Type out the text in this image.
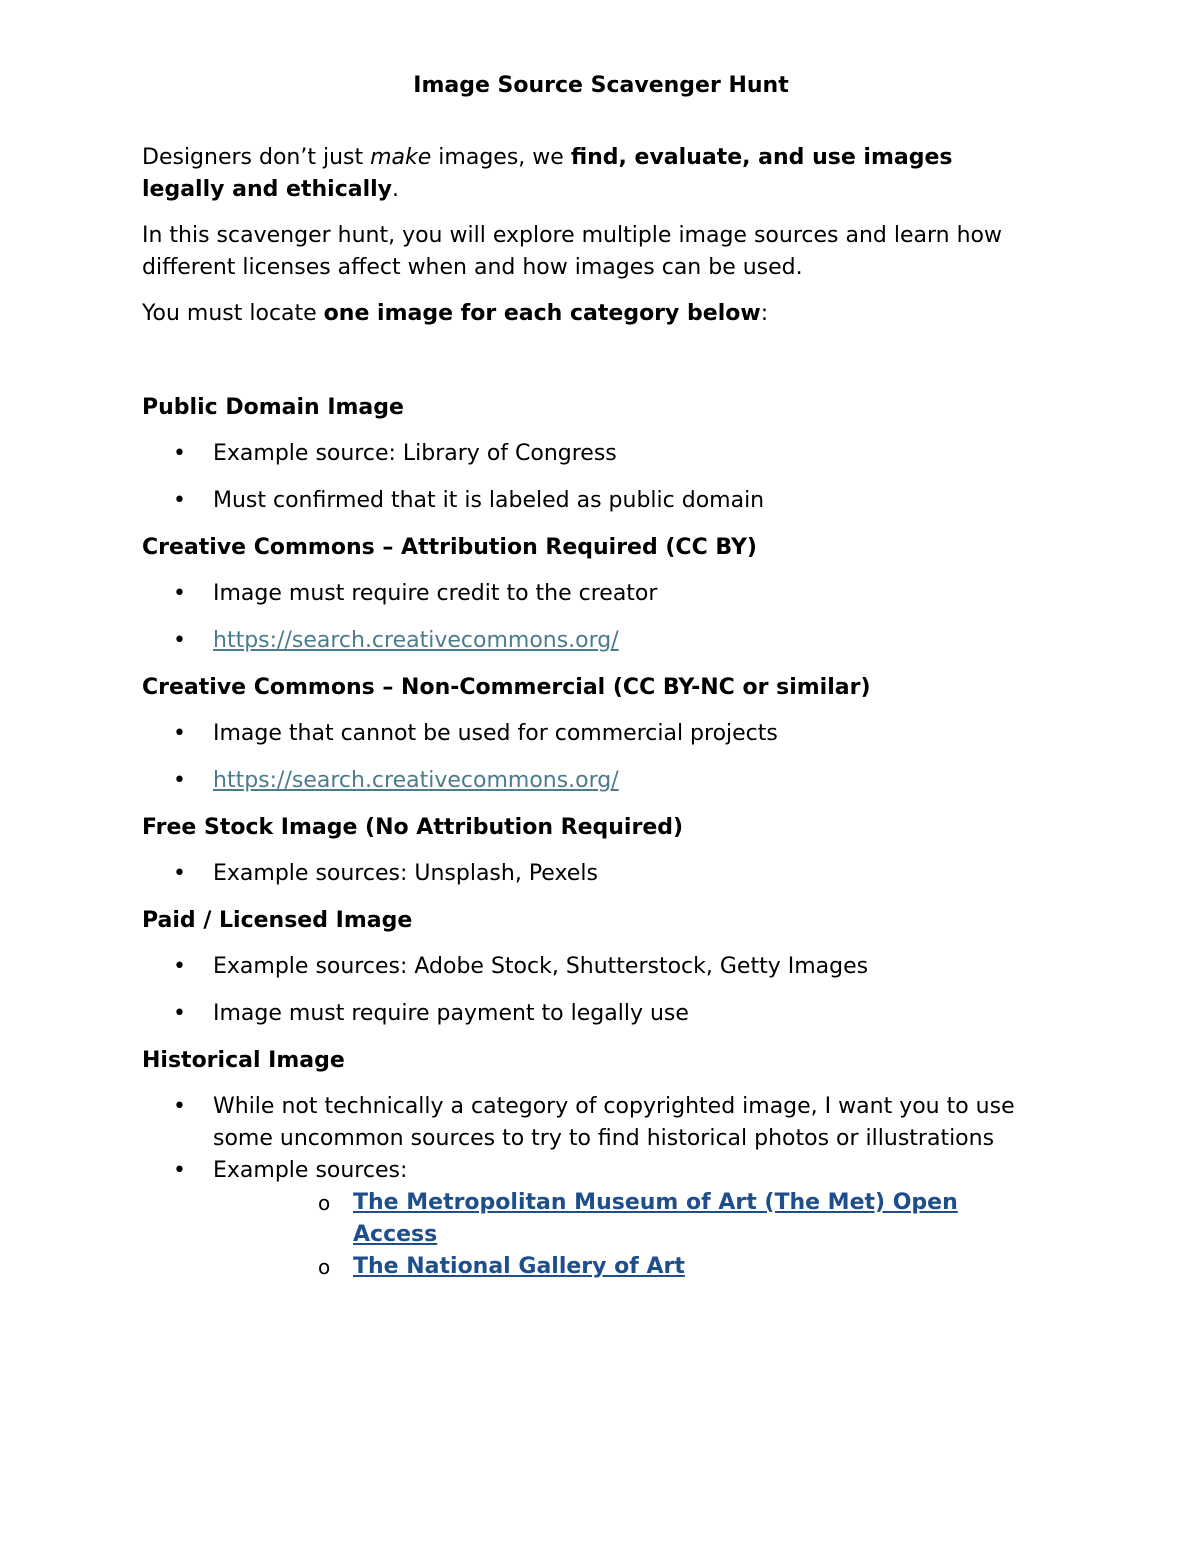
Image Source Scavenger Hunt

Designers don’t just make images, we find, evaluate, and use images legally and ethically.

In this scavenger hunt, you will explore multiple image sources and learn how different licenses affect when and how images can be used.

You must locate one image for each category below:

Public Domain Image
• Example source: Library of Congress
• Must confirmed that it is labeled as public domain
Creative Commons – Attribution Required (CC BY)
• Image must require credit to the creator
• https://search.creativecommons.org/
Creative Commons – Non-Commercial (CC BY-NC or similar)
• Image that cannot be used for commercial projects
• https://search.creativecommons.org/
Free Stock Image (No Attribution Required)
• Example sources: Unsplash, Pexels
Paid / Licensed Image
• Example sources: Adobe Stock, Shutterstock, Getty Images
• Image must require payment to legally use
Historical Image
• While not technically a category of copyrighted image, I want you to use some uncommon sources to try to find historical photos or illustrations
• Example sources:
o The Metropolitan Museum of Art (The Met) Open Access
o The National Gallery of Art
